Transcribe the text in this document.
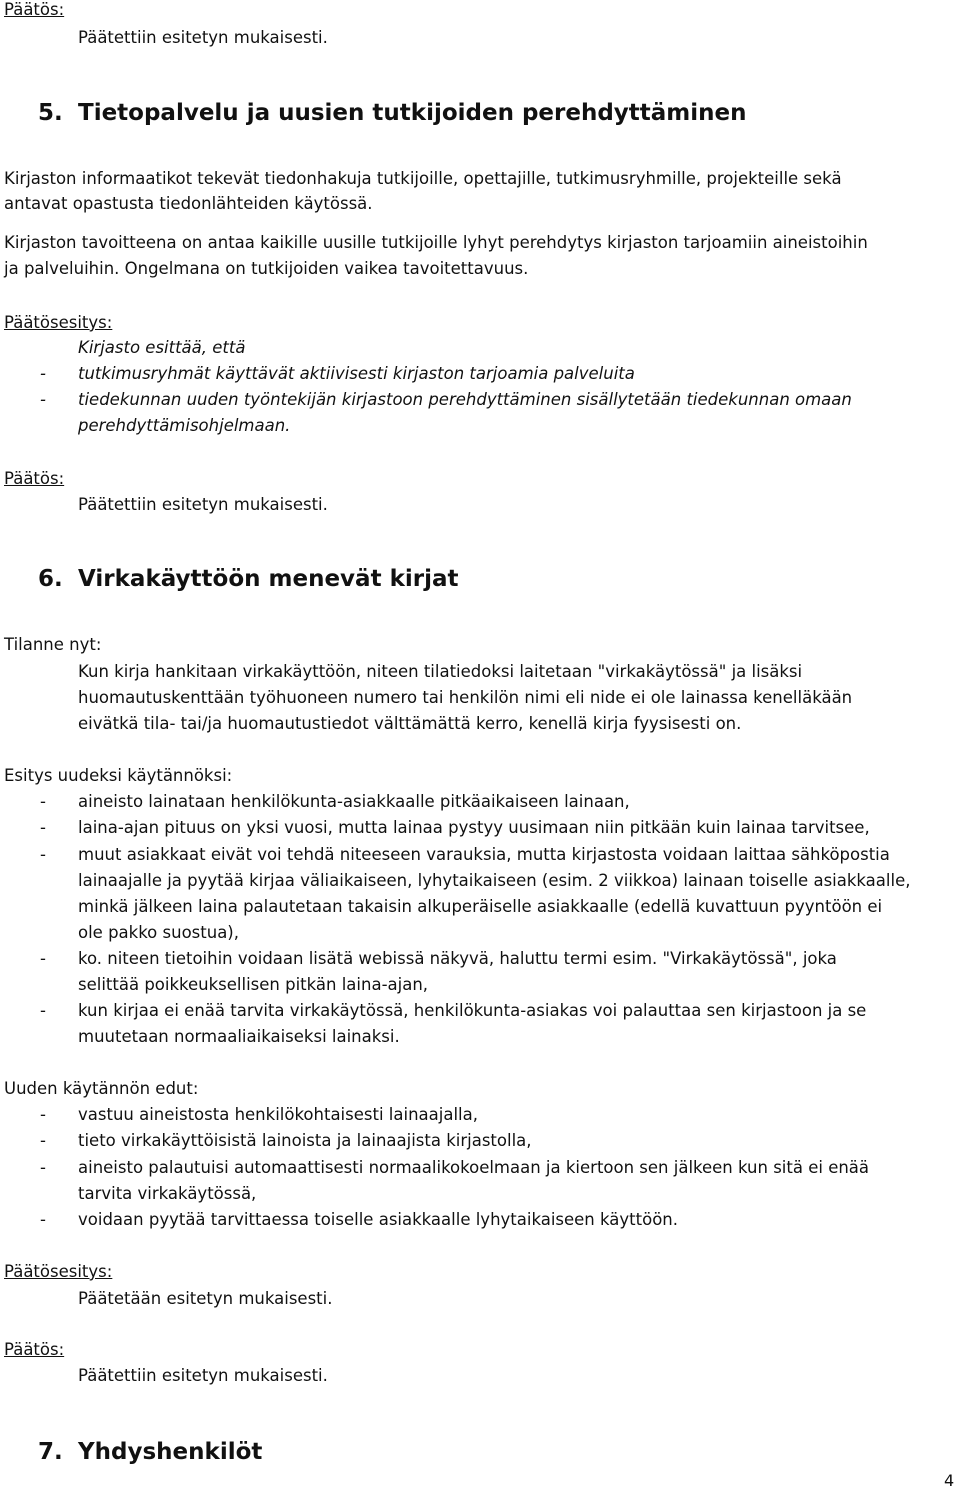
Päätös:
Päätettiin esitetyn mukaisesti.
5. Tietopalvelu ja uusien tutkijoiden perehdyttäminen
Kirjaston informaatikot tekevät tiedonhakuja tutkijoille, opettajille, tutkimusryhmille, projekteille sekä
antavat opastusta tiedonlähteiden käytössä.
Kirjaston tavoitteena on antaa kaikille uusille tutkijoille lyhyt perehdytys kirjaston tarjoamiin aineistoihin
ja palveluihin. Ongelmana on tutkijoiden vaikea tavoitettavuus.
Päätösesitys:
Kirjasto esittää, että
- tutkimusryhmät käyttävät aktiivisesti kirjaston tarjoamia palveluita
- tiedekunnan uuden työntekijän kirjastoon perehdyttäminen sisällytetään tiedekunnan omaan
perehdyttämisohjelmaan.
Päätös:
Päätettiin esitetyn mukaisesti.
6. Virkakäyttöön menevät kirjat
Tilanne nyt:
Kun kirja hankitaan virkakäyttöön, niteen tilatiedoksi laitetaan "virkakäytössä" ja lisäksi
huomautuskenttään työhuoneen numero tai henkilön nimi eli nide ei ole lainassa kenelläkään
eivätkä tila- tai/ja huomautustiedot välttämättä kerro, kenellä kirja fyysisesti on.
Esitys uudeksi käytännöksi:
- aineisto lainataan henkilökunta-asiakkaalle pitkäaikaiseen lainaan,
- laina-ajan pituus on yksi vuosi, mutta lainaa pystyy uusimaan niin pitkään kuin lainaa tarvitsee,
- muut asiakkaat eivät voi tehdä niteeseen varauksia, mutta kirjastosta voidaan laittaa sähköpostia
lainaajalle ja pyytää kirjaa väliaikaiseen, lyhytaikaiseen (esim. 2 viikkoa) lainaan toiselle asiakkaalle,
minkä jälkeen laina palautetaan takaisin alkuperäiselle asiakkaalle (edellä kuvattuun pyyntöön ei
ole pakko suostua),
- ko. niteen tietoihin voidaan lisätä webissä näkyvä, haluttu termi esim. "Virkakäytössä", joka
selittää poikkeuksellisen pitkän laina-ajan,
- kun kirjaa ei enää tarvita virkakäytössä, henkilökunta-asiakas voi palauttaa sen kirjastoon ja se
muutetaan normaaliaikaiseksi lainaksi.
Uuden käytännön edut:
- vastuu aineistosta henkilökohtaisesti lainaajalla,
- tieto virkakäyttöisistä lainoista ja lainaajista kirjastolla,
- aineisto palautuisi automaattisesti normaalikokoelmaan ja kiertoon sen jälkeen kun sitä ei enää
tarvita virkakäytössä,
- voidaan pyytää tarvittaessa toiselle asiakkaalle lyhytaikaiseen käyttöön.
Päätösesitys:
Päätetään esitetyn mukaisesti.
Päätös:
Päätettiin esitetyn mukaisesti.
7. Yhdyshenkilöt
4
